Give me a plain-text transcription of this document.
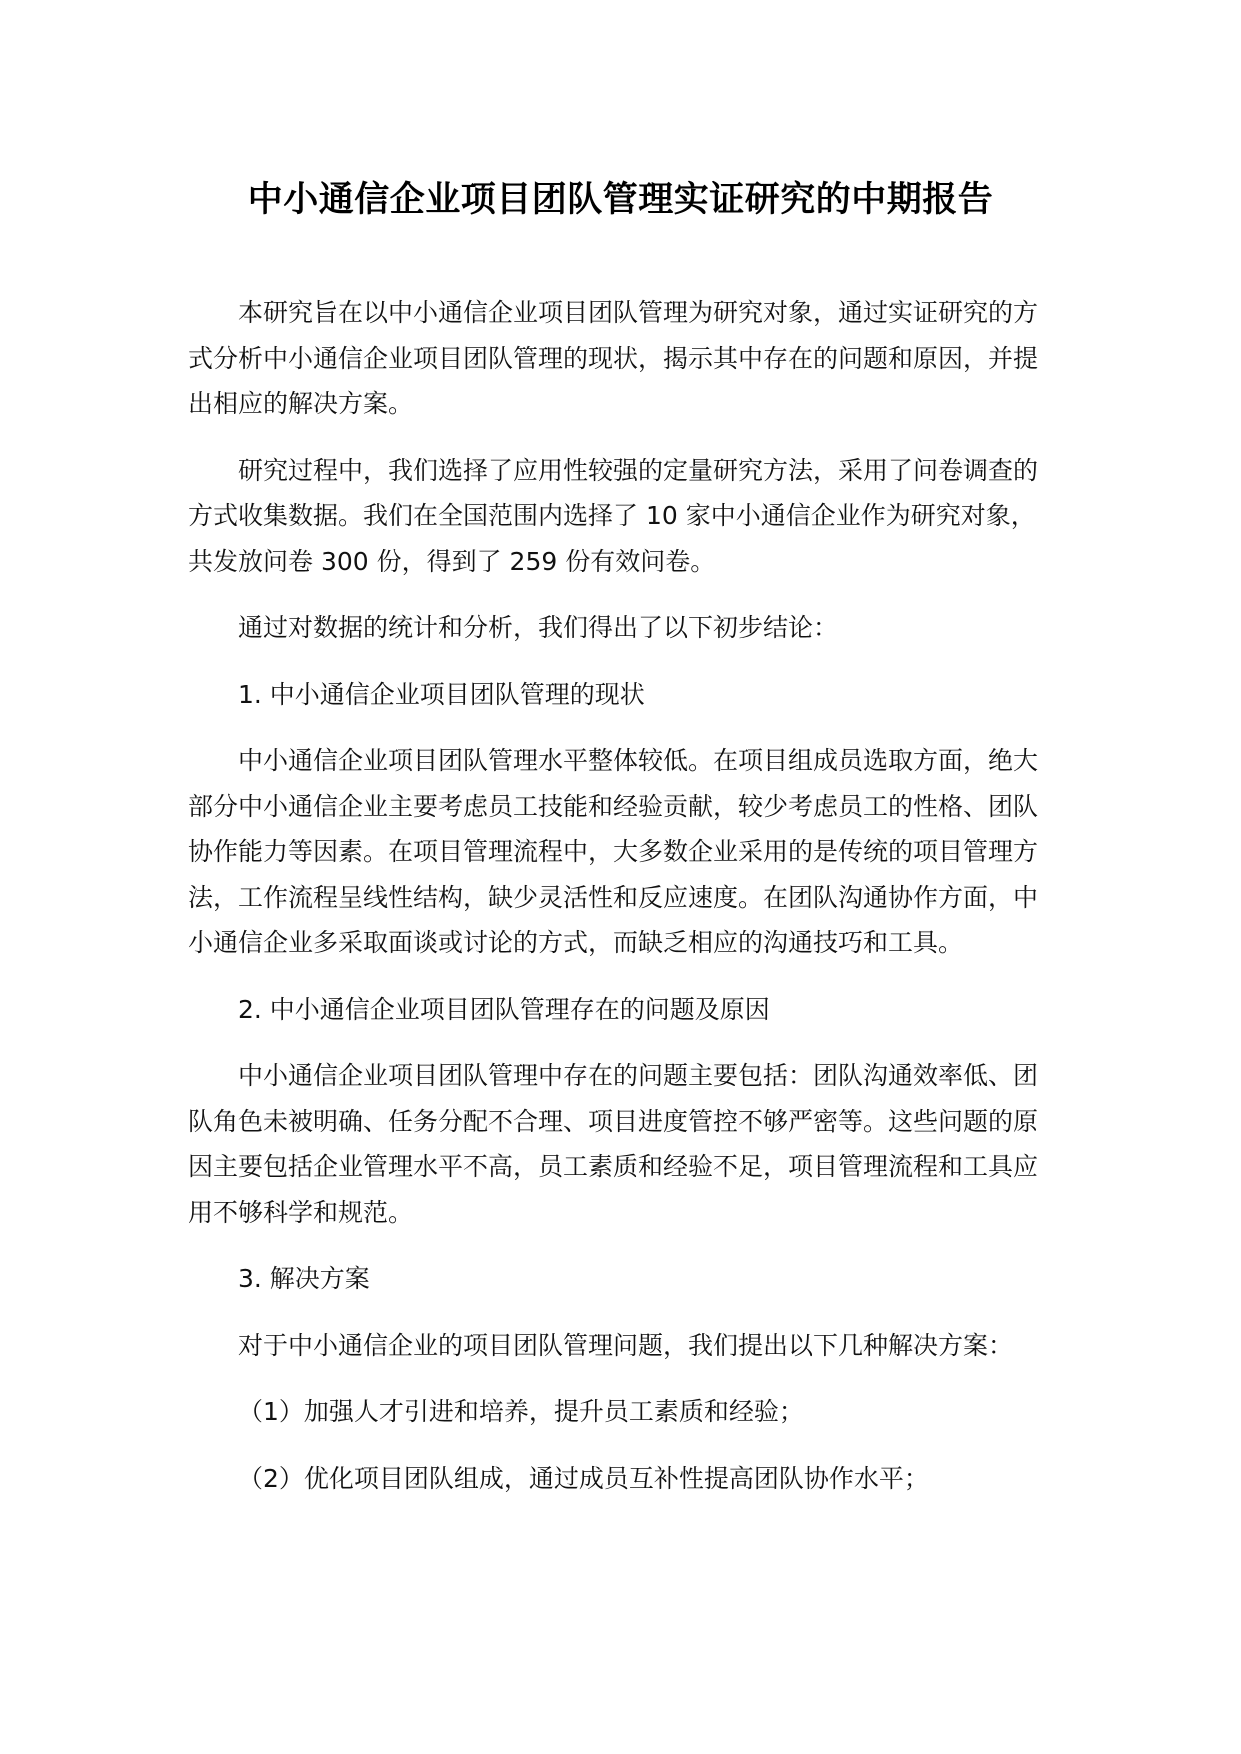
中小通信企业项目团队管理实证研究的中期报告

本研究旨在以中小通信企业项目团队管理为研究对象，通过实证研究的方式分析中小通信企业项目团队管理的现状，揭示其中存在的问题和原因，并提出相应的解决方案。

研究过程中，我们选择了应用性较强的定量研究方法，采用了问卷调查的方式收集数据。我们在全国范围内选择了 10 家中小通信企业作为研究对象，共发放问卷 300 份，得到了 259 份有效问卷。

通过对数据的统计和分析，我们得出了以下初步结论：

1. 中小通信企业项目团队管理的现状

中小通信企业项目团队管理水平整体较低。在项目组成员选取方面，绝大部分中小通信企业主要考虑员工技能和经验贡献，较少考虑员工的性格、团队协作能力等因素。在项目管理流程中，大多数企业采用的是传统的项目管理方法，工作流程呈线性结构，缺少灵活性和反应速度。在团队沟通协作方面，中小通信企业多采取面谈或讨论的方式，而缺乏相应的沟通技巧和工具。

2. 中小通信企业项目团队管理存在的问题及原因

中小通信企业项目团队管理中存在的问题主要包括：团队沟通效率低、团队角色未被明确、任务分配不合理、项目进度管控不够严密等。这些问题的原因主要包括企业管理水平不高，员工素质和经验不足，项目管理流程和工具应用不够科学和规范。

3. 解决方案

对于中小通信企业的项目团队管理问题，我们提出以下几种解决方案：

（1）加强人才引进和培养，提升员工素质和经验；

（2）优化项目团队组成，通过成员互补性提高团队协作水平；
